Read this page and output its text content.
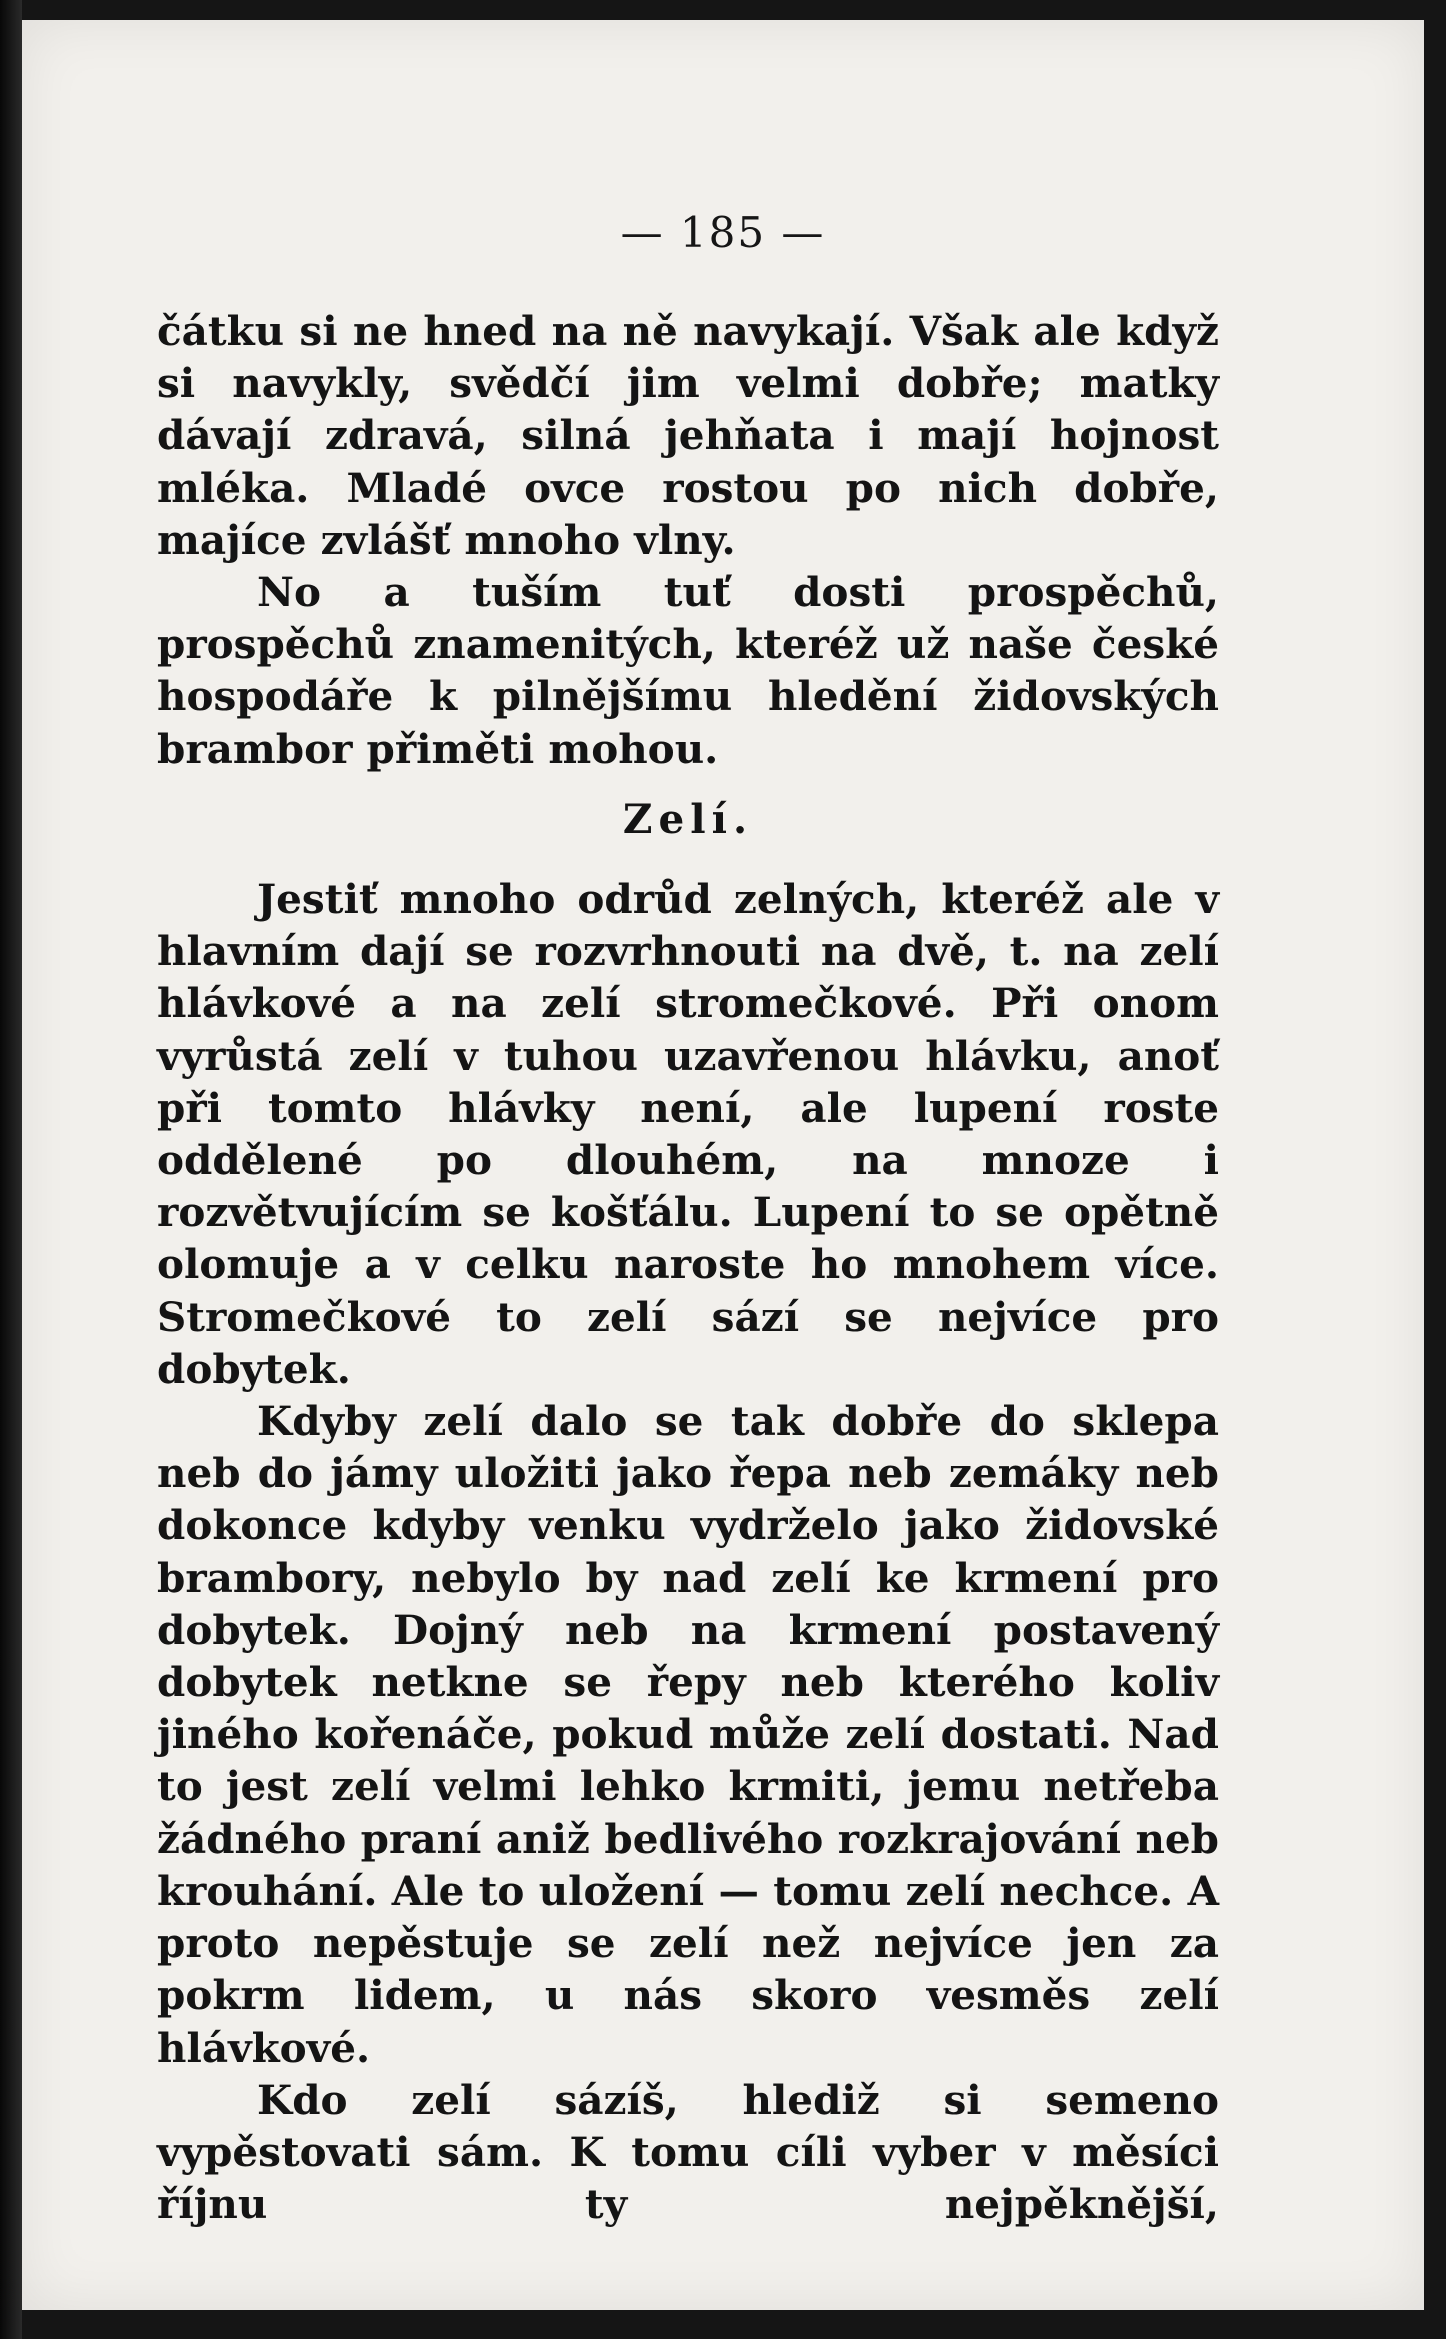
— 185 —

čátku si ne hned na ně navykají. Však ale když si navykly, svědčí jim velmi dobře; matky dávají zdravá, silná jehňata i mají hojnost mléka. Mladé ovce rostou po nich dobře, majíce zvlášť mnoho vlny.

No a tuším tuť dosti prospěchů, prospěchů znamenitých, kteréž už naše české hospodáře k pilnějšímu hledění židovských brambor přiměti mohou.

Zelí.

Jestiť mnoho odrůd zelných, kteréž ale v hlavním dají se rozvrhnouti na dvě, t. na zelí hlávkové a na zelí stromečkové. Při onom vyrůstá zelí v tuhou uzavřenou hlávku, anoť při tomto hlávky není, ale lupení roste oddělené po dlouhém, na mnoze i rozvětvujícím se košťálu. Lupení to se opětně olomuje a v celku naroste ho mnohem více. Stromečkové to zelí sází se nejvíce pro dobytek.

Kdyby zelí dalo se tak dobře do sklepa neb do jámy uložiti jako řepa neb zemáky neb dokonce kdyby venku vydrželo jako židovské brambory, nebylo by nad zelí ke krmení pro dobytek. Dojný neb na krmení postavený dobytek netkne se řepy neb kterého koliv jiného kořenáče, pokud může zelí dostati. Nad to jest zelí velmi lehko krmiti, jemu netřeba žádného praní aniž bedlivého rozkrajování neb krouhání. Ale to uložení — tomu zelí nechce. A proto nepěstuje se zelí než nejvíce jen za pokrm lidem, u nás skoro vesměs zelí hlávkové.

Kdo zelí sázíš, hlediž si semeno vypěstovati sám. K tomu cíli vyber v měsíci říjnu ty nejpěknější,
